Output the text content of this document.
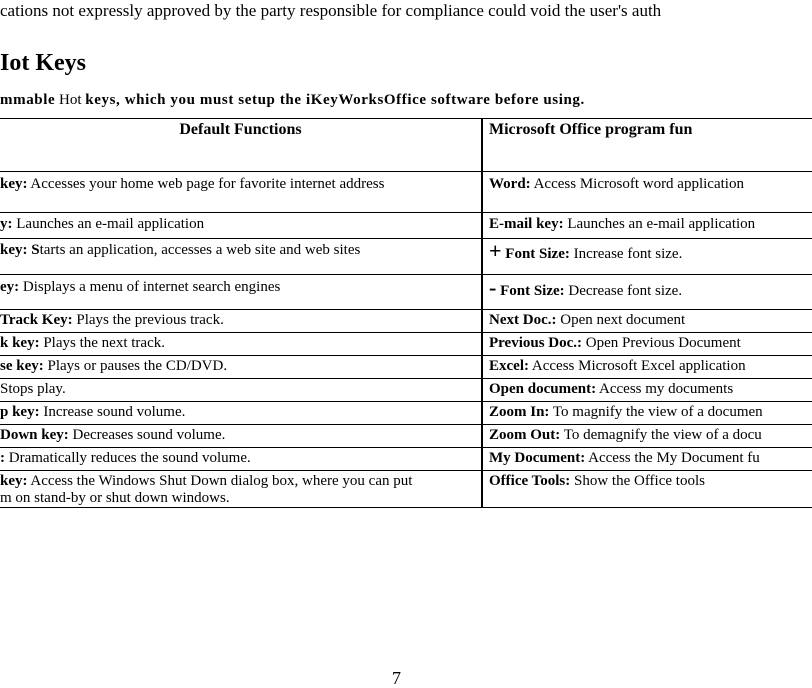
cations not expressly approved by the party responsible for compliance could void the user's auth
Iot Keys
mmable Hot keys, which you must setup the iKeyWorksOffice software before using.
Default Functions	Microsoft Office program fun
key: Accesses your home web page for favorite internet address	Word: Access Microsoft word application
y: Launches an e-mail application	E-mail key: Launches an e-mail application
key: Starts an application, accesses a web site and web sites	+ Font Size: Increase font size.
ey: Displays a menu of internet search engines	- Font Size: Decrease font size.
Track Key: Plays the previous track.	Next Doc.: Open next document
k key: Plays the next track.	Previous Doc.: Open Previous Document
se key: Plays or pauses the CD/DVD.	Excel: Access Microsoft Excel application
Stops play.	Open document: Access my documents
p key: Increase sound volume.	Zoom In: To magnify the view of a documen
Down key: Decreases sound volume.	Zoom Out: To demagnify the view of a docu
: Dramatically reduces the sound volume.	My Document: Access the My Document fu
key: Access the Windows Shut Down dialog box, where you can put
m on stand-by or shut down windows.	Office Tools: Show the Office tools
7
